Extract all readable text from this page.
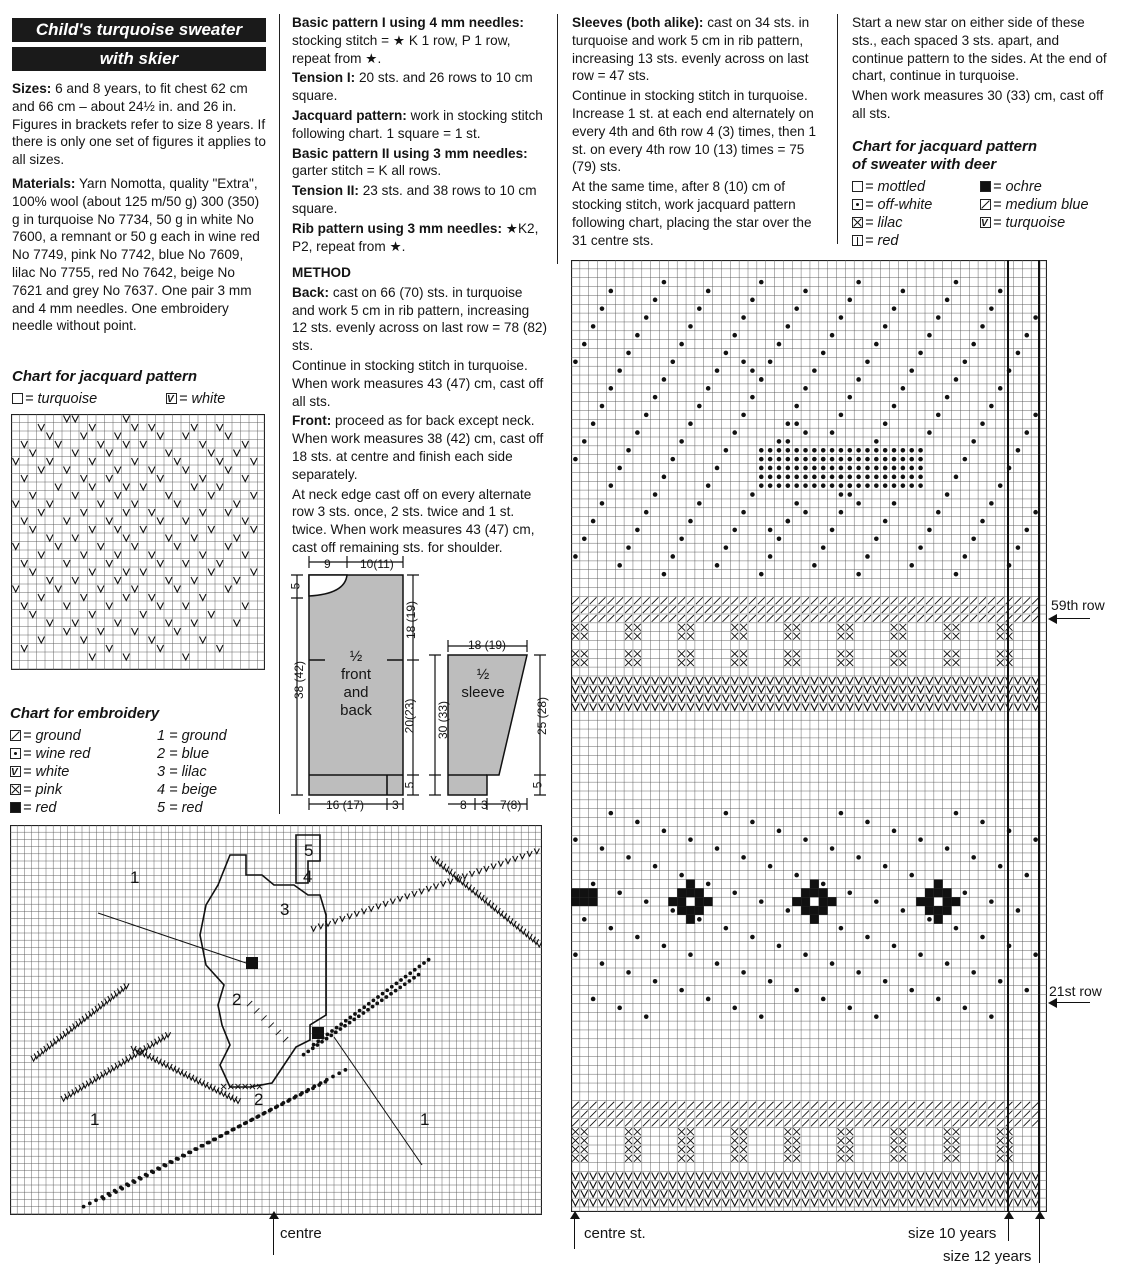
Child's turquoise sweater
with skier

Sizes: 6 and 8 years, to fit chest 62 cm and 66 cm – about 24½ in. and 26 in. Figures in brackets refer to size 8 years. If there is only one set of figures it applies to all sizes.

Materials: Yarn Nomotta, quality "Extra", 100% wool (about 125 m/50 g) 300 (350) g in turquoise No 7734, 50 g in white No 7600, a remnant or 50 g each in wine red No 7749, pink No 7742, blue No 7609, lilac No 7755, red No 7642, beige No 7621 and grey No 7637. One pair 3 mm and 4 mm needles. One embroidery needle without point.

Chart for jacquard pattern
= turquoise
V	= white
Chart for embroidery
= ground
= wine red
V= white
= pink
= red
1 = ground
2 = blue
3 = lilac
4 = beige
5 = red
1
1	1
2
3
4
5
2
centre

Basic pattern I using 4 mm needles: stocking stitch = ★ K 1 row, P 1 row, repeat from ★.

Tension I: 20 sts. and 26 rows to 10 cm square.

Jacquard pattern: work in stocking stitch following chart. 1 square = 1 st.

Basic pattern II using 3 mm needles: garter stitch = K all rows.

Tension II: 23 sts. and 38 rows to 10 cm square.

Rib pattern using 3 mm needles: ★K2, P2, repeat from ★.

METHOD

Back: cast on 66 (70) sts. in turquoise and work 5 cm in rib pattern, increasing 12 sts. evenly across on last row = 78 (82) sts.

Continue in stocking stitch in turquoise. When work measures 43 (47) cm, cast off all sts.

Front: proceed as for back except neck. When work measures 38 (42) cm, cast off 18 sts. at centre and finish each side separately.

At neck edge cast off on every alternate row 3 sts. once, 2 sts. twice and 1 st. twice. When work measures 43 (47) cm, cast off remaining sts. for shoulder.

9 10(11)
5
18 (19)
38 (42)
20(23)
5
16 (17) 3
½
front
and
back
18 (19)
30 (33)	25 (28)
5
8 3 7(8)
½
sleeve

Sleeves (both alike): cast on 34 sts. in turquoise and work 5 cm in rib pattern, increasing 13 sts. evenly across on last row = 47 sts.

Continue in stocking stitch in turquoise. Increase 1 st. at each end alternately on every 4th and 6th row 4 (3) times, then 1 st. on every 4th row 10 (13) times = 75 (79) sts.

At the same time, after 8 (10) cm of stocking stitch, work jacquard pattern following chart, placing the star over the 31 centre sts.

Start a new star on either side of these sts., each spaced 3 sts. apart, and continue pattern to the sides. At the end of chart, continue in turquoise.

When work measures 30 (33) cm, cast off all sts.

Chart for jacquard pattern
of sweater with deer
= mottled
= off-white
= lilac
= red
= ochre
= medium blue
V= turquoise
59th row
21st row
centre st.	size 10 years
size 12 years
